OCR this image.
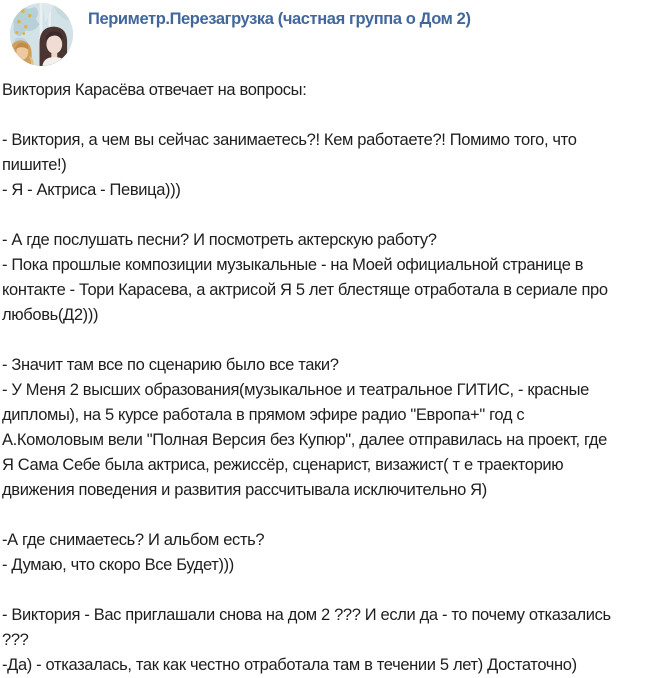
Периметр.Перезагрузка (частная группа о Дом 2)
Виктория Карасёва отвечает на вопросы:

- Виктория, а чем вы сейчас занимаетесь?! Кем работаете?! Помимо того, что
пишите!)
- Я - Актриса - Певица)))

- А где послушать песни? И посмотреть актерскую работу?
- Пока прошлые композиции музыкальные - на Моей официальной странице в
контакте - Тори Карасева, а актрисой Я 5 лет блестяще отработала в сериале про
любовь(Д2)))

- Значит там все по сценарию было все таки?
- У Меня 2 высших образования(музыкальное и театральное ГИТИС, - красные
дипломы), на 5 курсе работала в прямом эфире радио "Европа+" год с
А.Комоловым вели "Полная Версия без Купюр", далее отправилась на проект, где
Я Сама Себе была актриса, режиссёр, сценарист, визажист( т е траекторию
движения поведения и развития рассчитывала исключительно Я)

-А где снимаетесь? И альбом есть?
- Думаю, что скоро Все Будет)))

- Виктория - Вас приглашали снова на дом 2 ??? И если да - то почему отказались
???
-Да) - отказалась, так как честно отработала там в течении 5 лет) Достаточно)
